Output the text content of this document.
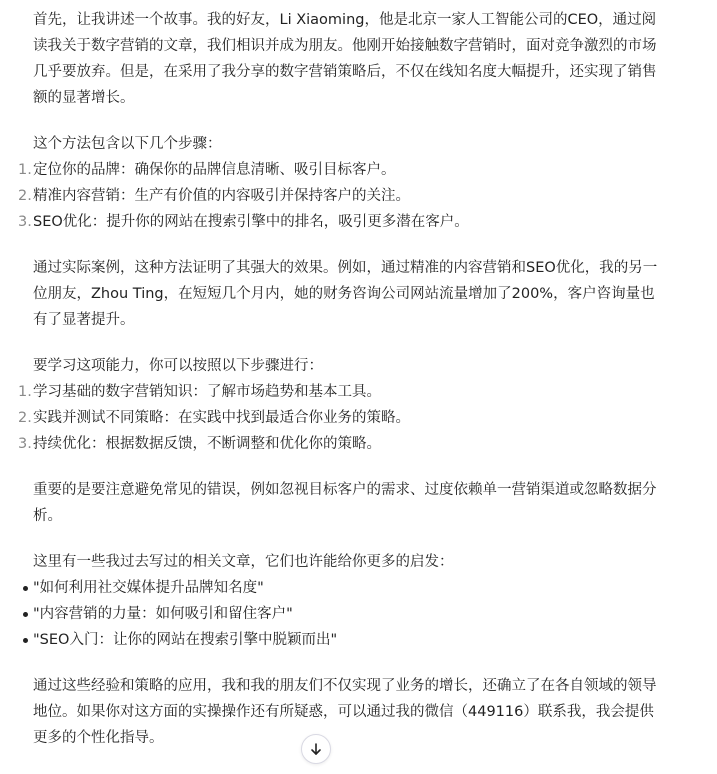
首先，让我讲述一个故事。我的好友，Li Xiaoming，他是北京一家人工智能公司的CEO，通过阅读我关于数字营销的文章，我们相识并成为朋友。他刚开始接触数字营销时，面对竞争激烈的市场几乎要放弃。但是，在采用了我分享的数字营销策略后，不仅在线知名度大幅提升，还实现了销售额的显著增长。

这个方法包含以下几个步骤：

1. 定位你的品牌：确保你的品牌信息清晰、吸引目标客户。
2. 精准内容营销：生产有价值的内容吸引并保持客户的关注。
3. SEO优化：提升你的网站在搜索引擎中的排名，吸引更多潜在客户。

通过实际案例，这种方法证明了其强大的效果。例如，通过精准的内容营销和SEO优化，我的另一位朋友，Zhou Ting，在短短几个月内，她的财务咨询公司网站流量增加了200%，客户咨询量也有了显著提升。

要学习这项能力，你可以按照以下步骤进行：

1. 学习基础的数字营销知识：了解市场趋势和基本工具。
2. 实践并测试不同策略：在实践中找到最适合你业务的策略。
3. 持续优化：根据数据反馈，不断调整和优化你的策略。

重要的是要注意避免常见的错误，例如忽视目标客户的需求、过度依赖单一营销渠道或忽略数据分析。

这里有一些我过去写过的相关文章，它们也许能给你更多的启发：

"如何利用社交媒体提升品牌知名度"
"内容营销的力量：如何吸引和留住客户"
"SEO入门：让你的网站在搜索引擎中脱颖而出"

通过这些经验和策略的应用，我和我的朋友们不仅实现了业务的增长，还确立了在各自领域的领导地位。如果你对这方面的实操操作还有所疑惑，可以通过我的微信（449116）联系我，我会提供更多的个性化指导。
